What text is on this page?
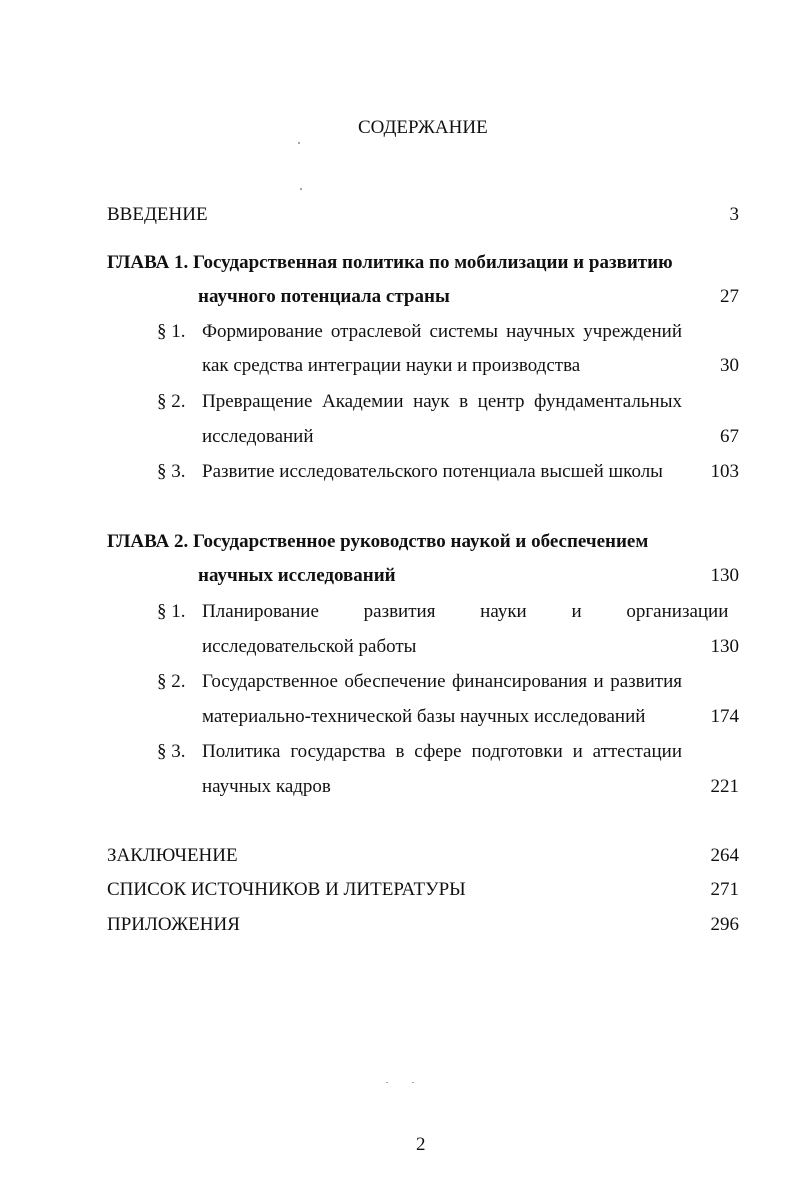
СОДЕРЖАНИЕ
ВВЕДЕНИЕ	3
ГЛАВА 1. Государственная политика по мобилизации и развитию
научного потенциала страны	27
§ 1. Формирование отраслевой системы научных учреждений
как средства интеграции науки и производства	30
§ 2. Превращение Академии наук в центр фундаментальных
исследований	67
§ 3. Развитие исследовательского потенциала высшей школы	103
ГЛАВА 2. Государственное руководство наукой и обеспечением
научных исследований	130
§ 1. Планирование развития науки и организации
исследовательской работы	130
§ 2. Государственное обеспечение финансирования и развития
материально-технической базы научных исследований	174
§ 3. Политика государства в сфере подготовки и аттестации
научных кадров	221
ЗАКЛЮЧЕНИЕ	264
СПИСОК ИСТОЧНИКОВ И ЛИТЕРАТУРЫ	271
ПРИЛОЖЕНИЯ	296
2
